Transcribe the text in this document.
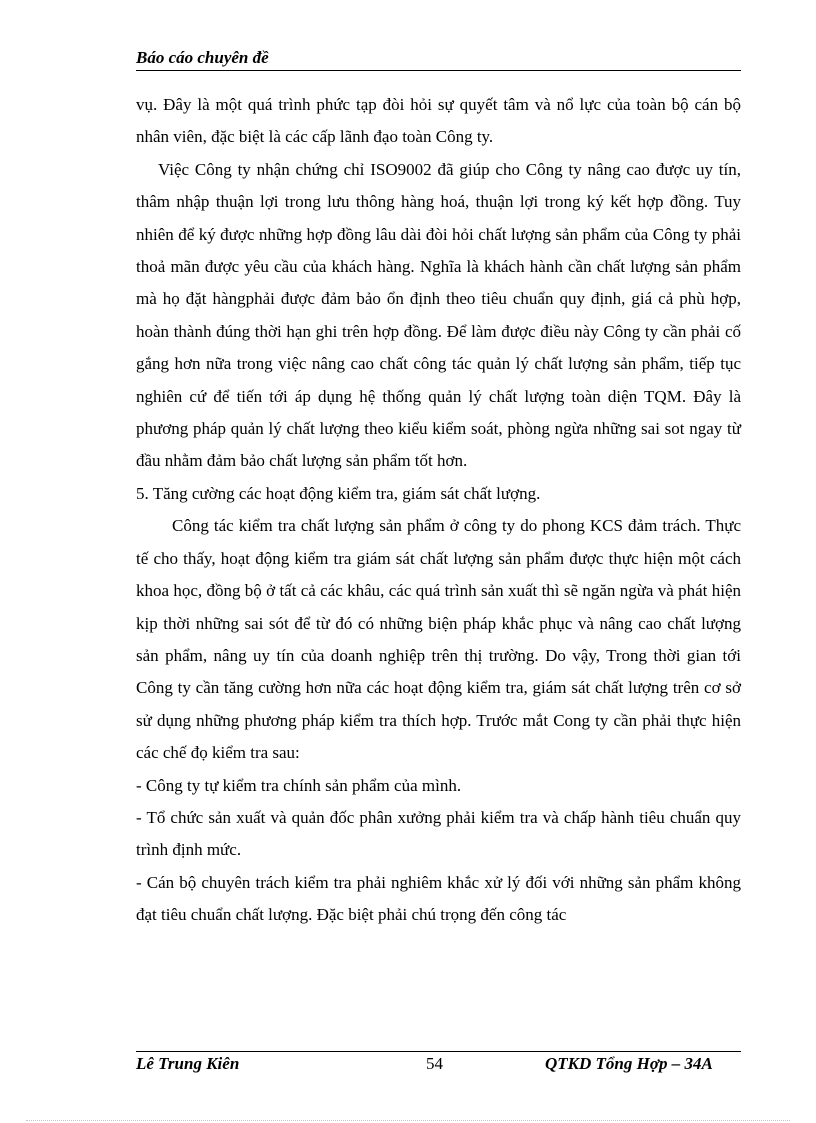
Báo cáo chuyên đề

vụ. Đây là một quá trình phức tạp đòi hỏi sự quyết tâm và nổ lực của toàn bộ cán bộ nhân viên, đặc biệt là các cấp lãnh đạo toàn Công ty.

Việc Công ty nhận chứng chỉ ISO9002 đã giúp cho Công ty nâng cao được uy tín, thâm nhập thuận lợi trong lưu thông hàng hoá, thuận lợi trong ký kết hợp đồng. Tuy nhiên để ký được những hợp đồng lâu dài đòi hỏi chất lượng sản phẩm của Công ty phải thoả mãn được yêu cầu của khách hàng. Nghĩa là khách hành cần chất lượng sản phẩm mà họ đặt hàngphải được đảm bảo ổn định theo tiêu chuẩn quy định, giá cả phù hợp, hoàn thành đúng thời hạn ghi trên hợp đồng. Để làm được điều này Công ty cần phải cố gắng hơn nữa trong việc nâng cao chất công tác quản lý chất lượng sản phẩm, tiếp tục nghiên cứ để tiến tới áp dụng hệ thống quản lý chất lượng toàn diện TQM. Đây là phương pháp quản lý chất lượng theo kiểu kiểm soát, phòng ngừa những sai sot ngay từ đầu nhằm đảm bảo chất lượng sản phẩm tốt hơn.

5. Tăng cường các hoạt động kiểm tra, giám sát chất lượng.

Công tác kiểm tra chất lượng sản phẩm ở công ty do phong KCS đảm trách. Thực tế cho thấy, hoạt động kiểm tra giám sát chất lượng sản phẩm được thực hiện một cách khoa học, đồng bộ ở tất cả các khâu, các quá trình sản xuất thì sẽ ngăn ngừa và phát hiện kịp thời những sai sót để từ đó có những biện pháp khắc phục và nâng cao chất lượng sản phẩm, nâng uy tín của doanh nghiệp trên thị trường. Do vậy, Trong thời gian tới Công ty cần tăng cường hơn nữa các hoạt động kiểm tra, giám sát chất lượng trên cơ sở sử dụng những phương pháp kiểm tra thích hợp. Trước mắt Cong ty cần phải thực hiện các chế đọ kiểm tra sau:

- Công ty tự kiểm tra chính sản phẩm của mình.

- Tổ chức sản xuất và quản đốc phân xưởng phải kiểm tra và chấp hành tiêu chuẩn quy trình định mức.

- Cán bộ chuyên trách kiểm tra phải nghiêm khắc xử lý đối với những sản phẩm không đạt tiêu chuẩn chất lượng. Đặc biệt phải chú trọng đến công tác

Lê Trung Kiên	54	QTKD Tổng Hợp – 34A
